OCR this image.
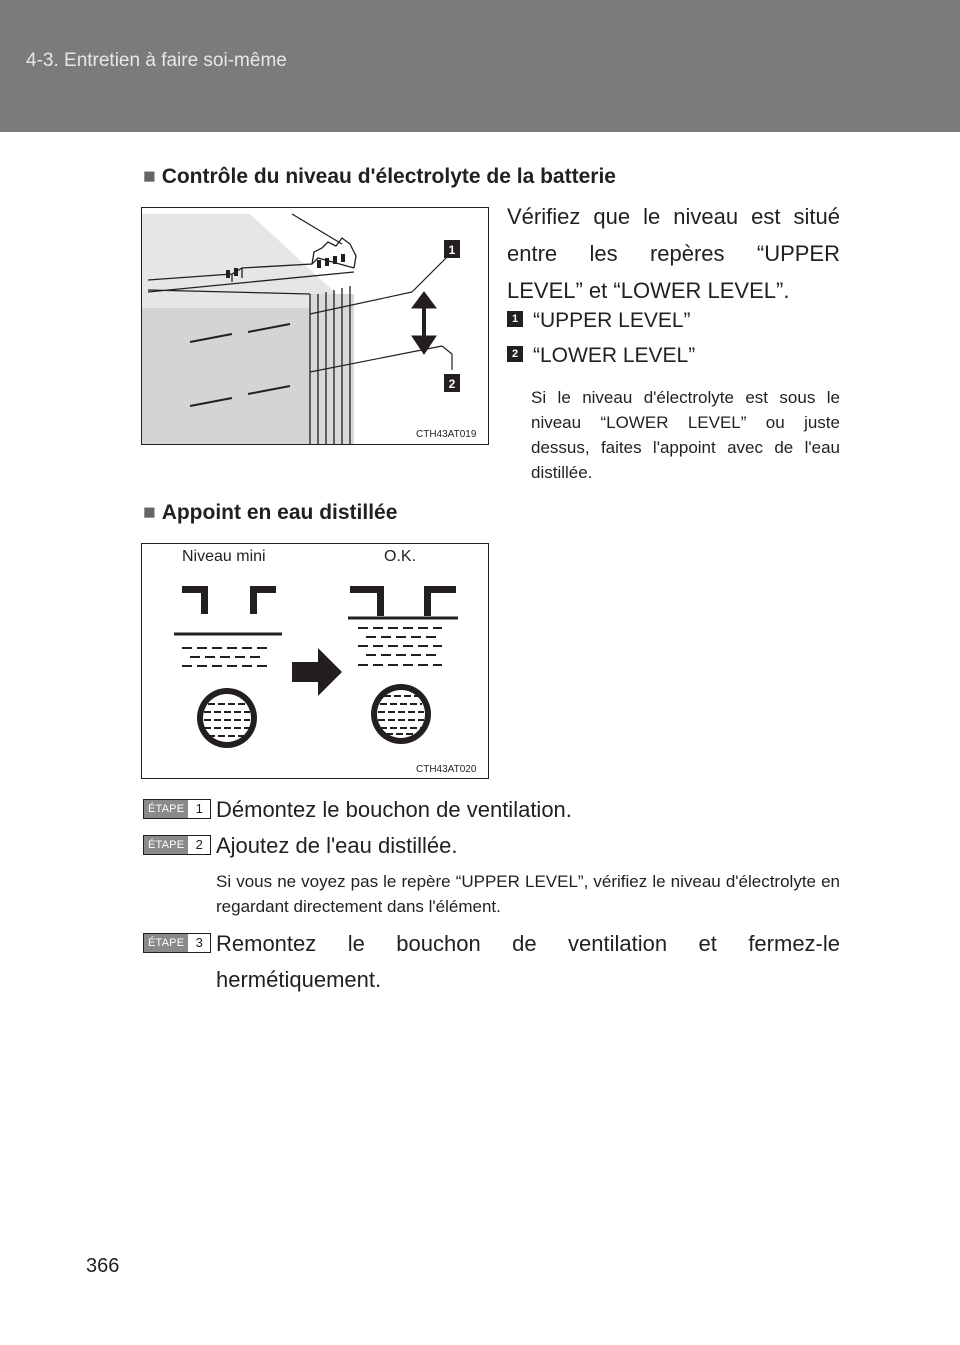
4-3. Entretien à faire soi-même
■ Contrôle du niveau d'électrolyte de la batterie
1
2
CTH43AT019
Vérifiez que le niveau est situé entre les repères “UPPER LEVEL” et “LOWER LEVEL”.
1 “UPPER LEVEL”
2 “LOWER LEVEL”
Si le niveau d'électrolyte est sous le niveau “LOWER LEVEL” ou juste dessus, faites l'appoint avec de l'eau distillée.
■ Appoint en eau distillée
Niveau mini	O.K.
CTH43AT020
ÉTAPE 1 Démontez le bouchon de ventilation.
ÉTAPE 2 Ajoutez de l'eau distillée.
Si vous ne voyez pas le repère “UPPER LEVEL”, vérifiez le niveau d'électrolyte en regardant directement dans l'élément.
ÉTAPE 3 Remontez le bouchon de ventilation et fermez-le hermétiquement.
366
